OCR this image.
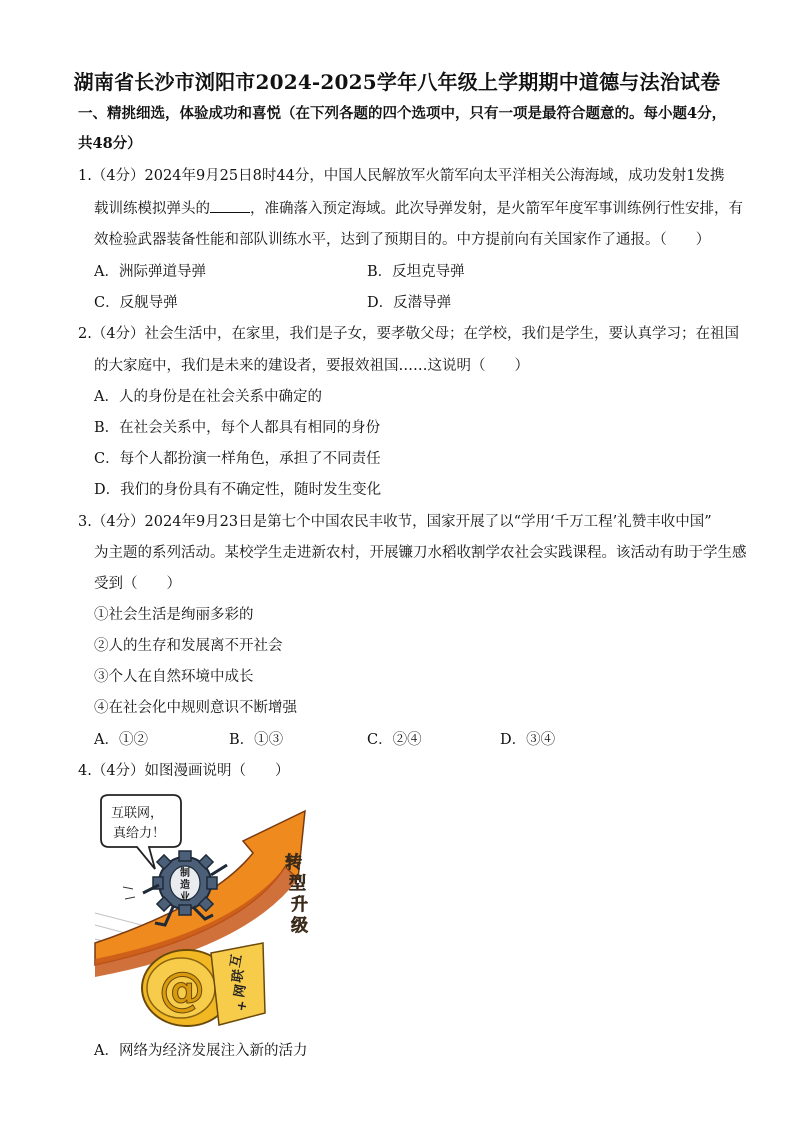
湖南省长沙市浏阳市2024-2025学年八年级上学期期中道德与法治试卷
一、精挑细选，体验成功和喜悦（在下列各题的四个选项中，只有一项是最符合题意的。每小题4分，
共48分）
1.（4分）2024年9月25日8时44分，中国人民解放军火箭军向太平洋相关公海海域，成功发射1发携
载训练模拟弹头的	，准确落入预定海域。此次导弹发射，是火箭军年度军事训练例行性安排，有
效检验武器装备性能和部队训练水平，达到了预期目的。中方提前向有关国家作了通报。（　　）
A．洲际弹道导弹	B．反坦克导弹
C．反舰导弹	D．反潜导弹
2.（4分）社会生活中，在家里，我们是子女，要孝敬父母；在学校，我们是学生，要认真学习；在祖国
的大家庭中，我们是未来的建设者，要报效祖国……这说明（　　）
A．人的身份是在社会关系中确定的
B．在社会关系中，每个人都具有相同的身份
C．每个人都扮演一样角色，承担了不同责任
D．我们的身份具有不确定性，随时发生变化
3.（4分）2024年9月23日是第七个中国农民丰收节，国家开展了以“学用‘千万工程’礼赞丰收中国”
为主题的系列活动。某校学生走进新农村，开展镰刀水稻收割学农社会实践课程。该活动有助于学生感
受到（　　）
①社会生活是绚丽多彩的
②人的生存和发展离不开社会
③个人在自然环境中成长
④在社会化中规则意识不断增强
A．①②	B．①③	C．②④	D．③④
4.（4分）如图漫画说明（　　）
转
型
升
级
@
互
联
网
+
制
造
业
互联网，
真给力！
A．网络为经济发展注入新的活力
